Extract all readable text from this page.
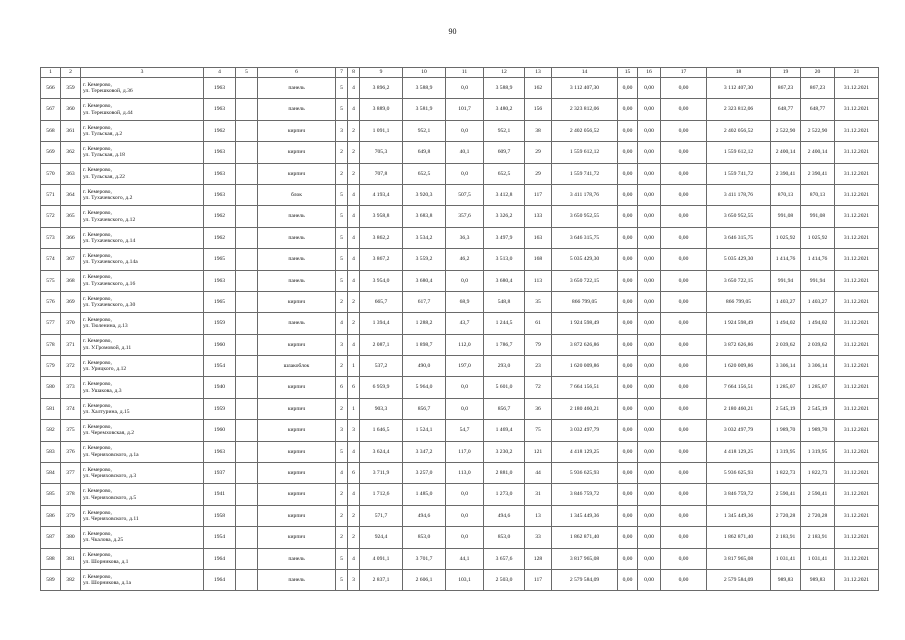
90
1	2	3	4	5	6	7	8	9	10	11	12	13	14	15	16	17	18	19	20	21
566	359	г. Кемерово,
ул. Терешковой, д.36	1963		панель	5	4	3 896,2	3 588,9	0,0	3 588,9	162	3 112 407,30	0,00	0,00	0,00	3 112 407,30	867,23	867,23	31.12.2021
567	360	г. Кемерово,
ул. Терешковой, д.44	1963		панель	5	4	3 889,0	3 581,9	101,7	3 480,2	156	2 323 812,06	0,00	0,00	0,00	2 323 812,06	648,77	648,77	31.12.2021
568	361	г. Кемерово,
ул. Тульская, д.2	1962		кирпич	3	2	1 091,1	952,1	0,0	952,1	38	2 402 056,52	0,00	0,00	0,00	2 402 056,52	2 522,90	2 522,90	31.12.2021
569	362	г. Кемерово,
ул. Тульская, д.18	1963		кирпич	2	2	705,3	649,8	40,1	609,7	29	1 559 612,12	0,00	0,00	0,00	1 559 612,12	2 400,14	2 400,14	31.12.2021
570	363	г. Кемерово,
ул. Тульская, д.22	1963		кирпич	2	2	707,8	652,5	0,0	652,5	29	1 559 741,72	0,00	0,00	0,00	1 559 741,72	2 390,41	2 390,41	31.12.2021
571	364	г. Кемерово,
ул. Тухачевского, д.2	1963		блок	5	4	4 193,4	3 920,3	507,5	3 412,8	117	3 411 178,76	0,00	0,00	0,00	3 411 178,76	870,13	870,13	31.12.2021
572	365	г. Кемерово,
ул. Тухачевского, д.12	1962		панель	5	4	3 958,8	3 683,8	357,6	3 326,2	133	3 650 952,55	0,00	0,00	0,00	3 650 952,55	991,08	991,08	31.12.2021
573	366	г. Кемерово,
ул. Тухачевского, д.14	1962		панель	5	4	3 862,2	3 534,2	36,3	3 497,9	163	3 646 315,75	0,00	0,00	0,00	3 646 315,75	1 025,92	1 025,92	31.12.2021
574	367	г. Кемерово,
ул. Тухачевского, д.14а	1965		панель	5	4	3 867,2	3 559,2	46,2	3 513,0	168	5 035 429,30	0,00	0,00	0,00	5 035 429,30	1 414,76	1 414,76	31.12.2021
575	368	г. Кемерово,
ул. Тухачевского, д.16	1963		панель	5	4	3 954,0	3 680,4	0,0	3 680,4	113	3 650 722,15	0,00	0,00	0,00	3 650 722,15	991,94	991,94	31.12.2021
576	369	г. Кемерово,
ул. Тухачевского, д.30	1965		кирпич	2	2	665,7	617,7	68,9	548,8	35	866 799,05	0,00	0,00	0,00	866 799,05	1 403,27	1 403,27	31.12.2021
577	370	г. Кемерово,
ул. Тюленина, д.13	1959		панель	4	2	1 394,4	1 288,2	43,7	1 244,5	61	1 924 598,49	0,00	0,00	0,00	1 924 598,49	1 494,02	1 494,02	31.12.2021
578	371	г. Кемерово,
ул. У.Громовой, д.11	1960		кирпич	3	4	2 087,1	1 898,7	112,0	1 786,7	79	3 872 626,86	0,00	0,00	0,00	3 872 626,86	2 039,62	2 039,62	31.12.2021
579	372	г. Кемерово,
ул. Урицкого, д.12	1954		шлакоблок	2	1	537,2	490,0	197,0	293,0	23	1 620 009,86	0,00	0,00	0,00	1 620 009,86	3 306,14	3 306,14	31.12.2021
580	373	г. Кемерово,
ул. Ушакова, д.3	1940		кирпич	6	6	6 959,9	5 964,0	0,0	5 601,0	72	7 664 156,51	0,00	0,00	0,00	7 664 156,51	1 285,07	1 285,07	31.12.2021
581	374	г. Кемерово,
ул. Халтурина, д.15	1959		кирпич	2	1	903,3	856,7	0,0	856,7	36	2 180 460,21	0,00	0,00	0,00	2 180 460,21	2 545,19	2 545,19	31.12.2021
582	375	г. Кемерово,
ул. Черемховская, д.2	1960		кирпич	3	3	1 646,5	1 524,1	54,7	1 469,4	75	3 032 497,79	0,00	0,00	0,00	3 032 497,79	1 989,70	1 989,70	31.12.2021
583	376	г. Кемерово,
ул. Черняховского, д.1а	1963		кирпич	5	4	3 624,4	3 347,2	117,0	3 230,2	121	4 418 129,25	0,00	0,00	0,00	4 418 129,25	1 319,95	1 319,95	31.12.2021
584	377	г. Кемерово,
ул. Черняховского, д.3	1937		кирпич	4	6	3 711,9	3 257,0	113,0	2 881,0	44	5 936 625,93	0,00	0,00	0,00	5 936 625,93	1 822,73	1 822,73	31.12.2021
585	378	г. Кемерово,
ул. Черняховского, д.5	1941		кирпич	2	4	1 712,6	1 485,0	0,0	1 273,0	31	3 846 759,72	0,00	0,00	0,00	3 846 759,72	2 590,41	2 590,41	31.12.2021
586	379	г. Кемерово,
ул. Черняховского, д.11	1958		кирпич	2	2	571,7	494,6	0,0	494,6	13	1 345 449,36	0,00	0,00	0,00	1 345 449,36	2 720,28	2 720,28	31.12.2021
587	380	г. Кемерово,
ул. Чкалова, д.25	1954		кирпич	2	2	924,4	853,0	0,0	853,0	33	1 862 871,40	0,00	0,00	0,00	1 862 871,40	2 183,91	2 183,91	31.12.2021
588	381	г. Кемерово,
ул. Шорникова, д.1	1964		панель	5	4	4 091,1	3 701,7	44,1	3 657,6	128	3 817 965,08	0,00	0,00	0,00	3 817 965,08	1 031,41	1 031,41	31.12.2021
589	382	г. Кемерово,
ул. Шорникова, д.1а	1964		панель	5	3	2 837,1	2 606,1	103,1	2 503,0	117	2 579 584,09	0,00	0,00	0,00	2 579 584,09	989,83	989,83	31.12.2021
